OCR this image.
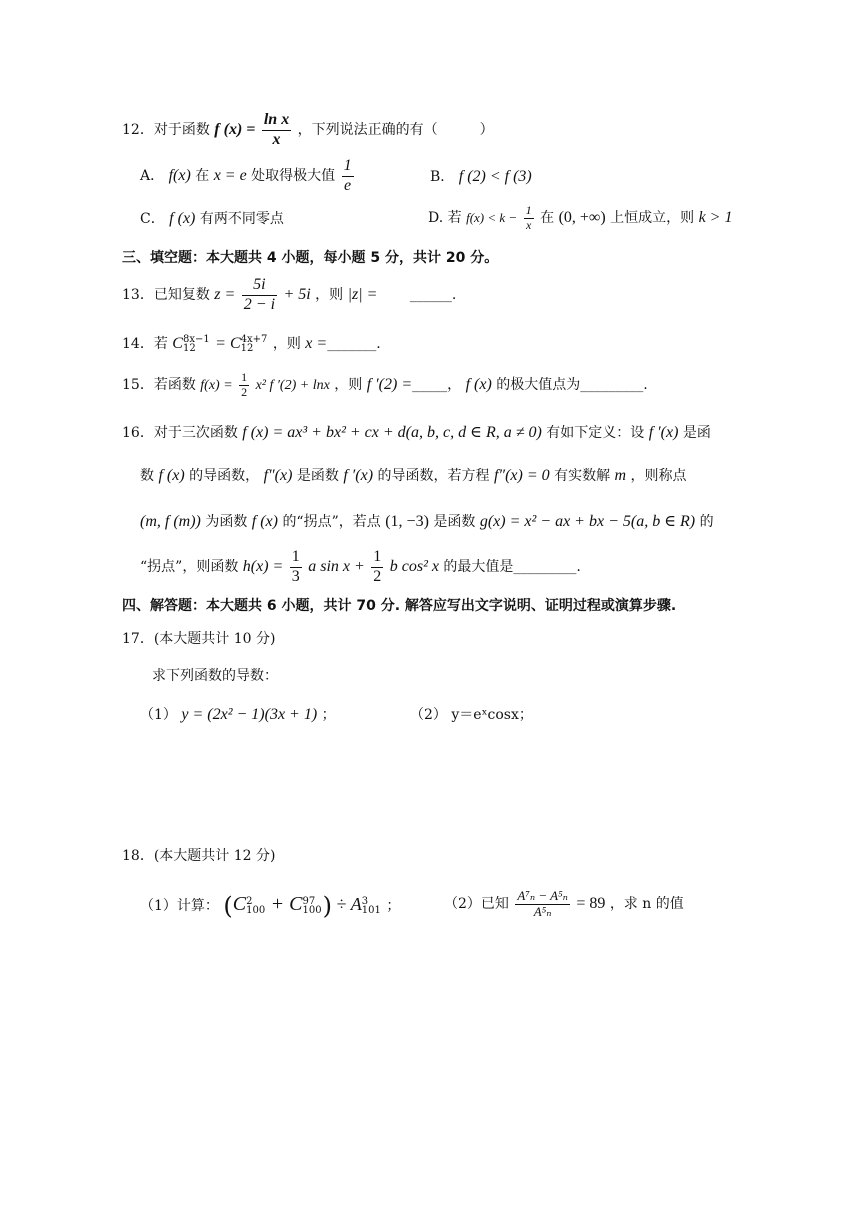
12．对于函数 f $(x) = \frac{\text{ln x}}{x}$ ，下列说法正确的有（　　　）
A． f(x) 在 x = e 处取得极大值 $\frac{1}{e}$	B． f (2) < f (3)
C． f (x) 有两不同零点	D. 若 $f(x) < k - \frac{1}{x}$ 在 (0, +∞) 上恒成立，则 k > 1
三、填空题：本大题共 4 小题，每小题 5 分，共计 20 分。
13．已知复数 $z = \frac{5i}{2 - i} + 5i$ ，则 |z| = ______.
14．若 C 8x−1
12	= C 4x+7
12	，则 x =_______.
15．若函数 $f(x) = \frac{1}{2} x^2$ f ′(2) + lnx ，则 f ′(2) =_____， f (x) 的极大值点为_________.
16．对于三次函数 f (x) = ax³ + bx² + cx + d(a, b, c, d ∈ R, a ≠ 0) 有如下定义：设 f ′(x) 是函
数 f (x) 的导函数， f″(x) 是函数 f ′(x) 的导函数，若方程 f″(x) = 0 有实数解 m ，则称点
(m, f (m)) 为函数 f (x) 的“拐点”，若点 (1, −3) 是函数 g(x) = x² − ax + bx − 5(a, b ∈ R) 的
“拐点”，则函数 $h(x) = \frac{1}{3}$ a $\sin x + \frac{1}{2}$ b cos² x 的最大值是_________.
四、解答题：本大题共 6 小题，共计 70 分. 解答应写出文字说明、证明过程或演算步骤.
17．(本大题共计 10 分)
求下列函数的导数：
（1） y = (2x² − 1)(3x + 1) ；	（2） y＝eˣcosx；
18．(本大题共计 12 分)
（1）计算： (C 2
100 + C 97
100 ) ÷ A 3
101 ；	（2）已知 $\frac{\text{A⁷ₙ − A⁵ₙ}}{\text{A⁵ₙ}} = 89$ ，求 n 的值
